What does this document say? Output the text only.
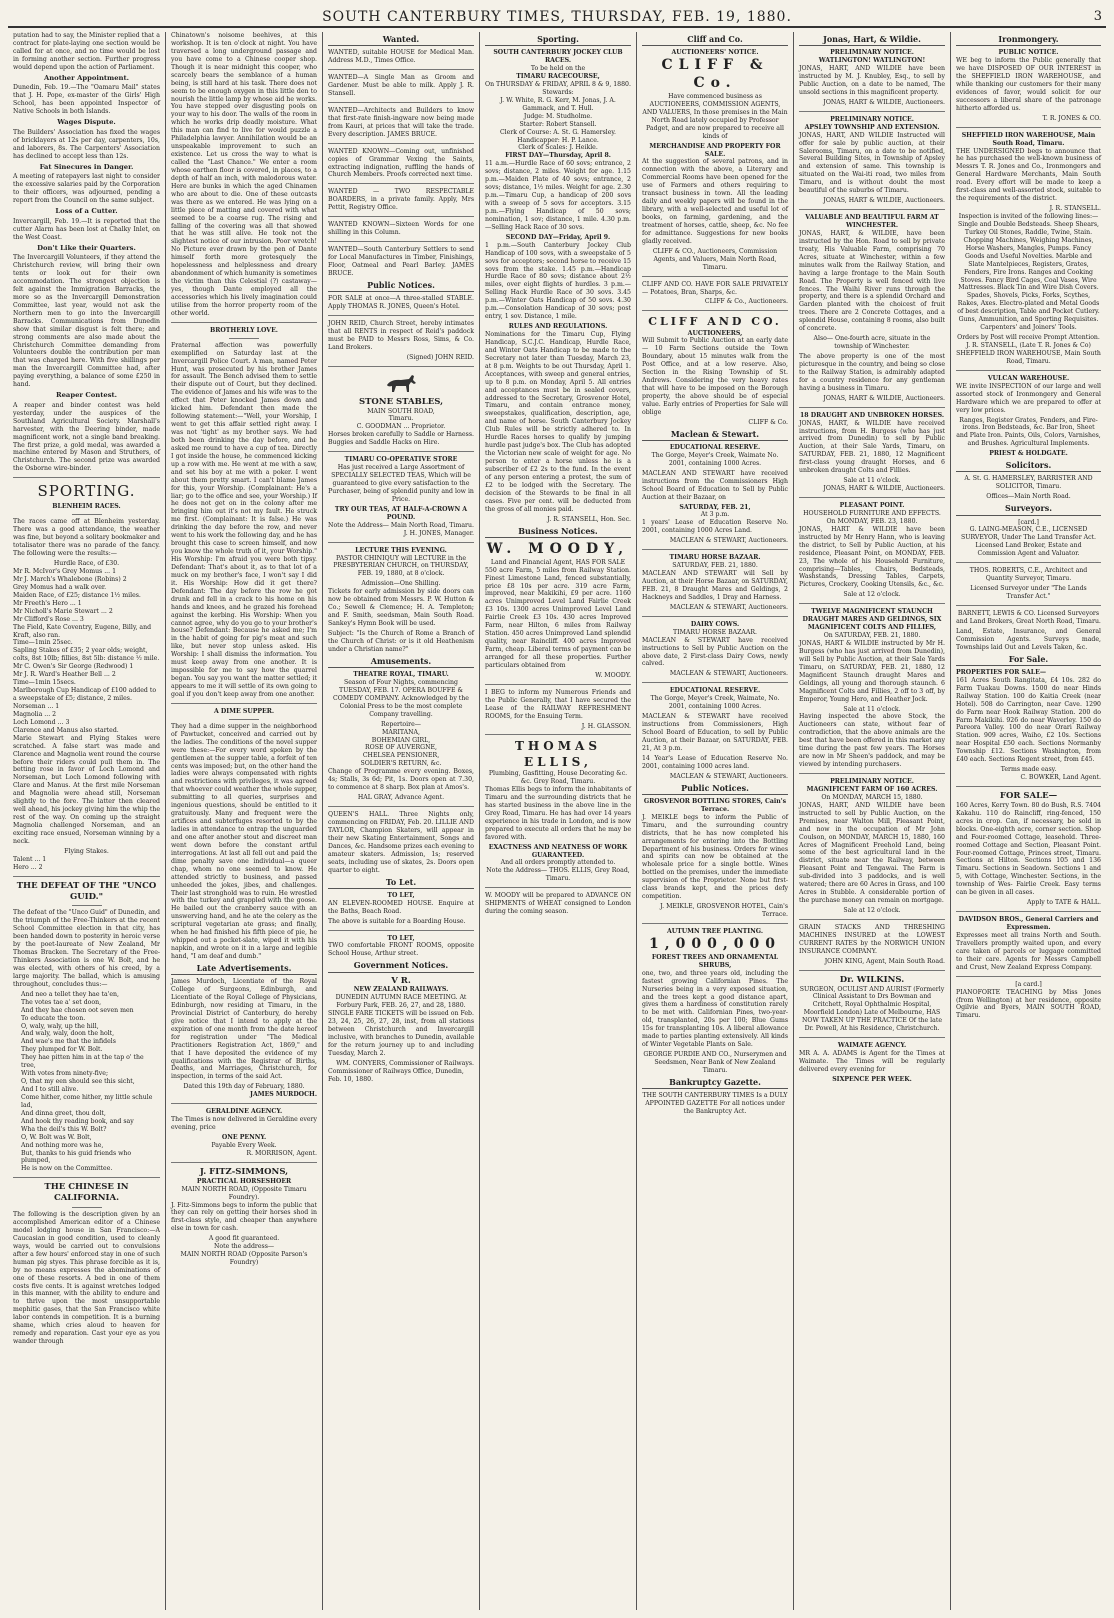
SOUTH CANTERBURY TIMES, THURSDAY, FEB. 19, 1880.	3

putation had to say, the Minister replied that a contract for plate-laying one section would be called for at once, and no time would be lost in forming another section. Further progress would depend upon the action of Parliament.

Another Appointment.

Dunedin, Feb. 19.—The "Oamaru Mail" states that J. H. Pope, ex-master of the Girls' High School, has been appointed Inspector of Native Schools in both Islands.

Wages Dispute.

The Builders' Association has fixed the wages of bricklayers at 12s per day, carpenters, 10s, and laborers, 8s. The Carpenters' Association has declined to accept less than 12s.

Fat Sinecures in Danger.

A meeting of ratepayers last night to consider the excessive salaries paid by the Corporation to their officers, was adjourned, pending a report from the Council on the same subject.

Loss of a Cutter.

Invercargill, Feb. 19.—It is reported that the cutter Alarm has been lost at Chalky Inlet, on the West Coast.

Don't Like their Quarters.

The Invercargill Volunteers, if they attend the Christchurch review, will bring their own tents or look out for their own accommodation. The strongest objection is felt against the Immigration Barracks, the more so as the Invercargill Demonstration Committee, last year, would not ask the Northern men to go into the Invercargill Barracks. Communications from Dunedin show that similar disgust is felt there; and strong comments are also made about the Christchurch Committee demanding from Volunteers double the contribution per man that was charged here. With five shillings per man the Invercargill Committee had, after paying everything, a balance of some £250 in hand.

Reaper Contest.

A reaper and binder contest was held yesterday, under the auspices of the Southland Agricultural Society. Marshall's harvester, with the Deering binder, made magnificent work, not a single band breaking. The first prize, a gold medal, was awarded a machine entered by Mason and Struthers, of Christchurch. The second prize was awarded the Osborne wire-binder.

SPORTING.
BLENHEIM RACES.

The races came off at Blenheim yesterday. There was a good attendance, the weather was fine, but beyond a solitary bookmaker and totalisator there was no parade of the fancy. The following were the results:—

Hurdle Race, of £30.
Mr R. McIvor's Grey Momus ... 1
Mr J. March's Whalebone (Robins) 2
Grey Momus had a walk over.
Maiden Race, of £25; distance 1½ miles.
Mr Freeth's Hero ... 1
Mr Nicholl's Marie Stewart ... 2
Mr Clifford's Rose ... 3
The Field, Kate Coventry, Eugene, Billy, and Kraft, also ran.
Time—1min 25sec.
Sapling Stakes of £35; 2 year olds; weight, colts, 8st 10lb; fillies, 8st 5lb: distance ½ mile.
Mr C. Owen's Sir George (Redwood) 1
Mr J. R. Ward's Heather Bell ... 2
Time—1min 15secs.
Marlborough Cup Handicap of £100 added to a sweepstake of £5; distance, 2 miles.
Norseman ... 1
Magnolia ... 2
Loch Lomond ... 3
Clarence and Manus also started.

Marie Stewart and Flying Stakes were scratched. A false start was made and Clarence and Magnolia went round the course before their riders could pull them in. The betting rose in favor of Loch Lomond and Norseman, but Loch Lomond following with Clare and Manus. At the first mile Norseman and Magnolia were ahead still, Norseman slightly to the fore. The latter then cleared well ahead, his jockey giving him the whip the rest of the way. On coming up the straight Magnolia challenged Norseman, and an exciting race ensued, Norseman winning by a neck.

Flying Stakes.
Talent ... 1
Hero ... 2
THE DEFEAT OF THE "UNCO GUID."

The defeat of the "Unco Guid" of Dunedin, and the triumph of the Free-Thinkers at the recent School Committee election in that city, has been handed down to posterity in heroic verse by the poet-laureate of New Zealand, Mr Thomas Bracken. The Secretary of the Free-Thinkers Association is one W. Bolt, and he was elected, with others of his creed, by a large majority. The ballad, which is amusing throughout, concludes thus:—

And neo a tellet they hae ta'en,
The votes tae a' set doon,
And they hae chosen oot seven men
To educate the toon.
O, waly, waly, up the hill,
And waly, waly, doon the holt,
And wae's me that the infidels
They plumped for W. Bolt.
They hae pitten him in at the tap o' the tree,
With votes from ninety-five;
O, that my een should see this sicht,
And I to still alive.
Come hither, come hither, my little schule lad,
And dinna greet, thou dolt,
And hook thy reading book, and say
Wha the deil's this W. Bolt?
O, W. Bolt was W. Bolt,
And nothing more was he,
But, thanks to his guid friends who plumped,
He is now on the Committee.
THE CHINESE IN CALIFORNIA.

The following is the description given by an accomplished American editor of a Chinese model lodging house in San Francisco:—A Caucasian in good condition, used to cleanly ways, would be carried out to convulsions after a few hours' enforced stay in one of such human pig styes. This phrase forcible as it is, by no means expresses the abominations of one of these resorts. A bed in one of them costs five cents. It is against wretches lodged in this manner, with the ability to endure and to thrive upon the most unsupportable mephitic gases, that the San Francisco white labor contends in competition. It is a burning shame, which cries aloud to heaven for remedy and reparation. Cast your eye as you wander through

Chinatown's noisome beehives, at this workshop. It is ten o'clock at night. You have traversed a long underground passage and you have come to a Chinese cooper shop. Though it is near midnight this cooper, who scarcely bears the semblance of a human being, is still hard at his task. There does not seem to be enough oxygen in this little den to nourish the little lamp by whose aid he works. You have stepped over disgusting pools on your way to his door. The walls of the room in which he works drip deadly moisture. What this man can find to live for would puzzle a Philadelphia lawyer. Annihilation would be an unspeakable improvement to such an existence. Let us cross the way to what is called the "Last Chance." We enter a room whose earthen floor is covered, in places, to a depth of half an inch, with malodorous water. Here are bunks in which the aged Chinamen who are about to die. One of these outcasts was there as we entered. He was lying on a little piece of matting and covered with what seemed to be a coarse rug. The rising and falling of the covering was all that showed that he was still alive. He took not the slightest notice of our intrusion. Poor wretch! No Picture ever drawn by the pen of Dante himself forth more grotesquely the hopelessness and helplessness and dreary abandonment of which humanity is sometimes the victim than this Celestial (?) castaway—yes, though Dante employed all the accessories which his lively imagination could utilise from the horror property room of the other world.

BROTHERLY LOVE.

Fraternal affection was powerfully exemplified on Saturday last at the Invercargill Police Court. A man, named Peter Hunt, was prosecuted by his brother James for assault. The Bench advised them to settle their dispute out of Court, but they declined. The evidence of James and his wife was to the effect that Peter knocked James down and kicked him. Defendant then made the following statement:—"Well, your Worship, I went to get this affair settled right away. I was not 'tight' as my brother says. We had both been drinking the day before, and he asked me round to have a cup of tea. Directly I got inside the house, he commenced kicking up a row with me. He went at me with a saw, and set his boy at me with a poker. I went about them pretty smart. I can't blame James for this, your Worship. (Complainant: He's a liar; go to the office and see, your Worship.) If he does not get on in the colony after me bringing him out it's not my fault. He struck me first. (Complainant: It is false.) He was drinking the day before the row, and never went to his work the following day, and he has brought this case to screen himself, and now you know the whole truth of it, your Worship." His Worship: I'm afraid you were both tipsy. Defendant: That's about it, as to that lot of a muck on my brother's face, I won't say I did it. His Worship: How did it get there? Defendant: The day before the row he got drunk and fell in a crack to his home on his hands and knees, and he grazed his forehead against the kerbing. His Worship: When you cannot agree, why do you go to your brother's house? Defendant: Because he asked me; I'm in the habit of going for pig's meat and such like, but never stop unless asked. His Worship: I shall dismiss the information. You must keep away from one another. It is impossible for me to say how the quarrel began. You say you want the matter settled; it appears to me it will settle of its own going to goal if you don't keep away from one another.

A DIME SUPPER.

They had a dime supper in the neighborhood of Pawtucket, conceived and carried out by the ladies. The conditions of the novel supper were these:—For every word spoken by the gentlemen at the supper table, a forfeit of ten cents was imposed; but, on the other hand the ladies were always compensated with rights and restrictions with privileges, it was agreed that whoever could weather the whole supper, submitting to all queries, surprises and ingenious questions, should be entitled to it gratuitously. Many and frequent were the artifices and subterfuges resorted to by the ladies in attendance to entrap the unguarded and one after another stout and discreet man went down before the constant artful interrogations. At last all fell out and paid the dime penalty save one individual—a queer chap, whom no one seemed to know. He attended strictly to business, and passed unheeded the jokes, jibes, and challenges. Their last stronghold was to ruin. He wrestled with the turkey and grappled with the goose. He bailed out the cranberry sauce with an unswerving hand, and he ate the celery as the scriptural vegetarian ate grass; and finally, when he had finished his fifth piece of pie, he whipped out a pocket-slate, wiped it with his napkin, and wrote on it in a large and legible hand, "I am deaf and dumb."

Late Advertisements.

James Murdoch, Licentiate of the Royal College of Surgeons, Edinburgh, and Licentiate of the Royal College of Physicians, Edinburgh, now residing at Timaru, in the Provincial District of Canterbury, do hereby give notice that I intend to apply at the expiration of one month from the date hereof for registration under "The Medical Practitioners Registration Act, 1869," and that I have deposited the evidence of my qualifications with the Registrar of Births, Deaths, and Marriages, Christchurch, for inspection, in terms of the said Act.

Dated this 19th day of February, 1880.
JAMES MURDOCH.
GERALDINE AGENCY.

The Times is now delivered in Geraldine every evening, price

ONE PENNY.
Payable Every Week.
R. MORRISON, Agent.
J. FITZ-SIMMONS,
PRACTICAL HORSESHOER
MAIN NORTH ROAD, (Opposite Timaru Foundry).

J. Fitz-Simmons begs to inform the public that they can rely on getting their horses shod in first-class style, and cheaper than anywhere else in town for cash.

A good fit guaranteed.
Note the address—
MAIN NORTH ROAD (Opposite Parson's Foundry)
Wanted.

WANTED, suitable HOUSE for Medical Man. Address M.D., Times Office.

WANTED—A Single Man as Groom and Gardener. Must be able to milk. Apply J. R. Stansell.

WANTED—Architects and Builders to know that first-rate finish-ingware now being made from Kauri, at prices that will take the trade. Every description. JAMES BRUCE.

WANTED KNOWN—Coming out, unfinished copies of Grammar Vexing the Saints, extracting indignation, ruffling the hands of Church Members. Proofs corrected next time.

WANTED — TWO RESPECTABLE BOARDERS, in a private family. Apply, Mrs Pettit, Registry Office.

WANTED KNOWN—Sixteen Words for one shilling in this Column.

WANTED—South Canterbury Settlers to send for Local Manufactures in Timber, Finishings, Floor, Oatmeal and Pearl Barley. JAMES BRUCE.

Public Notices.

FOR SALE at once—A three-stalled STABLE. Apply THOMAS R. JONES, Queen's Hotel.

JOHN REID, Church Street, hereby intimates that all RENTS in respect of Reid's paddock must be PAID to Messrs Ross, Sims, & Co. Land Brokers.

(Signed) JOHN REID.
STONE STABLES,
MAIN SOUTH ROAD,
Timaru.
C. GOODMAN ... Proprietor.

Horses broken carefully to Saddle or Harness. Buggies and Saddle Hacks on Hire.

TIMARU CO-OPERATIVE STORE

Has just received a Large Assortment of SPECIALLY SELECTED TEAS, Which will be guaranteed to give every satisfaction to the Purchaser, being of splendid punity and low in Price.

TRY OUR TEAS, AT HALF-A-CROWN A POUND.
Note the Address— Main North Road, Timaru.
J. H. JONES, Manager.
LECTURE THIS EVENING.

PASTOR CHINIQUY will LECTURE in the PRESBYTERIAN CHURCH, on THURSDAY, FEB. 19, 1880, at 8 o'clock.

Admission—One Shilling.

Tickets for early admission by side doors can now be obtained from Messrs. P. W. Hutton & Co.; Sewell & Clemence; H. A. Templeton; and F. Smith, seedsman, Main South Road. Sankey's Hymn Book will be used.

Subject: "Is the Church of Rome a Branch of the Church of Christ: or is it old Heathenism under a Christian name?"

Amusements.
THEATRE ROYAL, TIMARU.

Season of Four Nights, commencing TUESDAY, FEB. 17. OPERA BOUFFE & COMEDY COMPANY. Acknowledged by the Colonial Press to be the most complete Company travelling.

Repertoire—
MARITANA,
BOHEMIAN GIRL,
ROSE OF AUVERGNE,
CHELSEA PENSIONER,
SOLDIER'S RETURN, &c.

Change of Programme every evening. Boxes, 4s; Stalls, 3s 6d; Pit, 1s. Doors open at 7.30, to commence at 8 sharp. Box plan at Amos's.

HAL GRAY, Advance Agent.

QUEEN'S HALL. Three Nights only, commencing on FRIDAY, Feb. 20. LILLIE AND TAYLOR, Champion Skaters, will appear in their new Skating Entertainment, Songs and Dances, &c. Handsome prizes each evening to amateur skaters. Admission, 1s; reserved seats, including use of skates, 2s. Doors open quarter to eight.

To Let.
TO LET,

AN ELEVEN-ROOMED HOUSE. Enquire at the Baths, Beach Road.

The above is suitable for a Boarding House.

TO LET,

TWO comfortable FRONT ROOMS, opposite School House, Arthur street.

Government Notices.
V R.
NEW ZEALAND RAILWAYS.
DUNEDIN AUTUMN RACE MEETING. At Forbury Park, FEB. 26, 27, and 28, 1880.

SINGLE FARE TICKETS will be issued on Feb. 23, 24, 25, 26, 27, 28, inst, from all stations between Christchurch and Invercargill inclusive, with branches to Dunedin, available for the return journey up to and including Tuesday, March 2.

WM. CONYERS, Commissioner of Railways.
Commissioner of Railways Office, Dunedin, Feb. 10, 1880.
Sporting.
SOUTH CANTERBURY JOCKEY CLUB RACES.
To be held on the
TIMARU RACECOURSE,
On THURSDAY & FRIDAY, APRIL 8 & 9, 1880.
Stewards:
J. W. White, R. G. Kerr, M. Jonas, J. A. Gammack, and T. Hull.
Judge: M. Studholme.
Starter: Robert Stansell.
Clerk of Course: A. St. G. Hamersley.
Handicapper: H. P. Lance.
Clerk of Scales: J. Heikle.
FIRST DAY—Thursday, April 8.

11 a.m.—Hurdle Race of 60 sovs; entrance, 2 sovs; distance, 2 miles. Weight for age. 1.15 p.m.—Maiden Plate of 40 sovs; entrance, 2 sovs; distance, 1½ miles. Weight for age. 2.30 p.m.—Timaru Cup, a handicap of 200 sovs with a sweep of 5 sovs for acceptors. 3.15 p.m.—Flying Handicap of 50 sovs; nomination, 1 sov; distance, 1 mile. 4.30 p.m.—Selling Hack Race of 30 sovs.

SECOND DAY—Friday, April 9.

1 p.m.—South Canterbury Jockey Club Handicap of 100 sovs, with a sweepstake of 5 sovs for acceptors; second horse to receive 15 sovs from the stake. 1.45 p.m.—Handicap Hurdle Race of 80 sovs; distance about 2½ miles, over eight flights of hurdles. 3 p.m.—Selling Hack Hurdle Race of 30 sovs. 3.45 p.m.—Winter Oats Handicap of 50 sovs. 4.30 p.m.—Consolation Handicap of 30 sovs; post entry, 1 sov. Distance, 1 mile.

RULES AND REGULATIONS.

Nominations for the Timaru Cup, Flying Handicap, S.C.J.C. Handicap, Hurdle Race, and Winter Oats Handicap to be made to the Secretary not later than Tuesday, March 23, at 8 p.m. Weights to be out Thursday, April 1. Acceptances, with sweep and general entries, up to 8 p.m. on Monday, April 5. All entries and acceptances must be in sealed covers, addressed to the Secretary, Grosvenor Hotel, Timaru, and contain entrance money, sweepstakes, qualification, description, age, and name of horse. South Canterbury Jockey Club Rules will be strictly adhered to. In Hurdle Races horses to qualify by jumping hurdle past judge's box. The Club has adopted the Victorian new scale of weight for age. No person to enter a horse unless he is a subscriber of £2 2s to the fund. In the event of any person entering a protest, the sum of £2 to be lodged with the Secretary. The decision of the Stewards to be final in all cases. Five per cent. will be deducted from the gross of all monies paid.

J. R. STANSELL, Hon. Sec.
Business Notices.
W. MOODY,
Land and Financial Agent, HAS FOR SALE

550 acre Farm, 5 miles from Railway Station. Finest Limestone Land, fenced substantially, price £8 10s per acre. 319 acre Farm, improved, near Makikihi, £9 per acre. 1160 acres Unimproved Level Land Fairlie Creek £3 10s. 1300 acres Unimproved Level Land Fairlie Creek £3 10s. 430 acres Improved Farm, near Hilton, 6 miles from Railway Station. 450 acres Unimproved Land splendid quality, near Raincliff. 400 acres Improved Farm, cheap. Liberal terms of payment can be arranged for all these properties. Further particulars obtained from

W. MOODY.

I BEG to inform my Numerous Friends and the Public Generally, that I have secured the Lease of the RAILWAY REFRESHMENT ROOMS, for the Ensuing Term.

J. H. GLASSON.
THOMAS ELLIS,
Plumbing, Gasfitting, House Decorating &c. &c. Grey Road, Timaru.

Thomas Ellis begs to inform the inhabitants of Timaru and the surrounding districts that he has started business in the above line in the Grey Road, Timaru. He has had over 14 years experience in his trade in London, and is now prepared to execute all orders that he may be favored with.

EXACTNESS AND NEATNESS OF WORK GUARANTEED.
And all orders promptly attended to.
Note the Address— THOS. ELLIS, Grey Road, Timaru.

W. MOODY will be prepared to ADVANCE ON SHIPMENTS of WHEAT consigned to London during the coming season.

Cliff and Co.
AUCTIONEERS' NOTICE.
CLIFF & Co.

Have commenced business as AUCTIONEERS, COMMISSION AGENTS, AND VALUERS, In those premises in the Main North Road lately occupied by Professor Padget, and are now prepared to receive all kinds of

MERCHANDISE AND PROPERTY FOR SALE.

At the suggestion of several patrons, and in connection with the above, a Literary and Commercial Rooms have been opened for the use of Farmers and others requiring to transact business in town. All the leading daily and weekly papers will be found in the library, with a well-selected and useful lot of books, on farming, gardening, and the treatment of horses, cattle, sheep, &c. No fee for admittance. Suggestions for new books gladly received.

CLIFF & CO., Auctioneers, Commission Agents, and Valuers, Main North Road, Timaru.

CLIFF AND CO. HAVE FOR SALE PRIVATELY— Potatoes, Bran, Sharps, &c.

CLIFF & Co., Auctioneers.
CLIFF AND CO.
AUCTIONEERS,

Will Submit to Public Auction at an early date— 10 Farm Sections outside the Town Boundary, about 15 minutes walk from the Post Office, and at a low reserve. Also, Section in the Rising Township of St. Andrews. Considering the very heavy rates that will have to be imposed on the Borough property, the above should be of especial value. Early entries of Properties for Sale will oblige

CLIFF & Co.
Maclean & Stewart.
EDUCATIONAL RESERVE.

The Gorge, Meyer's Creek, Waimate No. 2001, containing 1000 Acres.

MACLEAN AND STEWART have received instructions from the Commissioners High School Board of Education to Sell by Public Auction at their Bazaar, on

SATURDAY, FEB. 21,
At 3 p.m.

1 years' Lease of Education Reserve No. 2001, containing 1000 Acres Land.

MACLEAN & STEWART, Auctioneers.
TIMARU HORSE BAZAAR.
SATURDAY, FEB. 21, 1880.

MACLEAN AND STEWART will Sell by Auction, at their Horse Bazaar, on SATURDAY, FEB. 21, 8 Draught Mares and Geldings, 2 Hackneys and Saddles, 1 Dray and Harness.

MACLEAN & STEWART, Auctioneers.
DAIRY COWS.
TIMARU HORSE BAZAAR.

MACLEAN & STEWART have received instructions to Sell by Public Auction on the above date, 2 First-class Dairy Cows, newly calved.

MACLEAN & STEWART, Auctioneers.
EDUCATIONAL RESERVE.

The Gorge, Meyer's Creek, Waimate, No. 2001, containing 1000 Acres.

MACLEAN & STEWART have received instructions from Commissioners, High School Board of Education, to sell by Public Auction, at their Bazaar, on SATURDAY, FEB. 21, At 3 p.m.

14 Year's Lease of Education Reserve No. 2001, containing 1000 acres land.

MACLEAN & STEWART, Auctioneers.
Public Notices.
GROSVENOR BOTTLING STORES, Cain's Terrace.

J. MEIKLE begs to inform the Public of Timaru, and the surrounding country districts, that he has now completed his arrangements for entering into the Bottling Department of his business. Orders for wines and spirits can now be obtained at the wholesale price for a single bottle. Wines bottled on the premises, under the immediate supervision of the Proprietor. None but first-class brands kept, and the prices defy competition.

J. MEIKLE, GROSVENOR HOTEL, Cain's Terrace.
AUTUMN TREE PLANTING.
1,000,000
FOREST TREES AND ORNAMENTAL SHRUBS,

one, two, and three years old, including the fastest growing Californian Pines. The Nurseries being in a very exposed situation, and the trees kept a good distance apart, gives them a hardiness of constitution rarely to be met with. Californian Pines, two-year-old, transplanted, 20s per 100; Blue Gums 15s for transplanting 10s. A liberal allowance made to parties planting extensively. All kinds of Winter Vegetable Plants on Sale.

GEORGE PURDIE AND CO., Nurserymen and Seedsmen, Near Bank of New Zealand Timaru.
Bankruptcy Gazette.

THE SOUTH CANTERBURY TIMES Is a DULY APPOINTED GAZETTE For all notices under the Bankruptcy Act.

Jonas, Hart, & Wildie.
PRELIMINARY NOTICE.
WATLINGTON! WATLINGTON!

JONAS, HART, AND WILDIE have been instructed by M. J. Knubley, Esq., to sell by Public Auction, on a date to be named, The unsold sections in this magnificent property.

JONAS, HART & WILDIE, Auctioneers.
PRELIMINARY NOTICE.
APSLEY TOWNSHIP AND EXTENSION.

JONAS, HART, AND WILDIE Instructed will offer for sale by public auction, at their Salerooms, Timaru, on a date to be notified, Several Building Sites, in Township of Apsley and extension of same. This township is situated on the Wai-iti road, two miles from Timaru, and is without doubt the most beautiful of the suburbs of Timaru.

JONAS, HART & WILDIE, Auctioneers.
VALUABLE AND BEAUTIFUL FARM AT WINCHESTER.

JONAS, HART, & WILDIE, have been instructed by the Hon. Road to sell by private treaty, His Valuable Farm, comprising 70 Acres, situate at Winchester, within a few minutes walk from the Railway Station, and having a large frontage to the Main South Road. The Property is well fenced with live fences. The Waihi River runs through the property, and there is a splendid Orchard and Garden planted with the choicest of fruit trees. There are 2 Concrete Cottages, and a splendid House, containing 8 rooms, also built of concrete.

Also— One-fourth acre, situate in the township of Winchester.

The above property is one of the most picturesque in the country, and being so close to the Railway Station, is admirably adapted for a country residence for any gentleman having a business in Timaru.

JONAS, HART & WILDIE, Auctioneers.
18 DRAUGHT AND UNBROKEN HORSES.

JONAS, HART, & WILDIE have received instructions, from H. Burgess (who has just arrived from Dunedin) to sell by Public Auction, at their Sale Yards, Timaru, on SATURDAY, FEB. 21, 1880, 12 Magnificent first-class young draught Horses, and 6 unbroken draught Colts and Fillies.

Sale at 11 o'clock.
JONAS, HART & WILDIE, Auctioneers.
PLEASANT POINT.
HOUSEHOLD FURNITURE AND EFFECTS. On MONDAY, FEB. 23, 1880.

JONAS, HART & WILDIE have been instructed by Mr Henry Hann, who is leaving the district, to Sell by Public Auction, at his residence, Pleasant Point, on MONDAY, FEB. 23, The whole of his Household Furniture, comprising—Tables, Chairs, Bedsteads, Washstands, Dressing Tables, Carpets, Pictures, Crockery, Cooking Utensils, &c., &c.

Sale at 12 o'clock.
TWELVE MAGNIFICENT STAUNCH DRAUGHT MARES AND GELDINGS, SIX MAGNIFICENT COLTS AND FILLIES,
On SATURDAY, FEB. 21, 1880.

JONAS, HART & WILDIE instructed by Mr H. Burgess (who has just arrived from Dunedin), will Sell by Public Auction, at their Sale Yards Timaru, on SATURDAY, FEB. 21, 1880, 12 Magnificent Staunch draught Mares and Geldings, all young and thorough staunch. 6 Magnificent Colts and Fillies, 2 off to 3 off, by Emperor, Young Hero, and Heather Jock.

Sale at 11 o'clock.

Having inspected the above Stock, the Auctioneers can state, without fear of contradiction, that the above animals are the best that have been offered in this market any time during the past few years. The Horses are now in Mr Sheen's paddock, and may be viewed by intending purchasers.

PRELIMINARY NOTICE.
MAGNIFICENT FARM OF 160 ACRES.
On MONDAY, MARCH 15, 1880.

JONAS, HART, AND WILDIE have been instructed to sell by Public Auction, on the Premises, near Walton Mill, Pleasant Point, and now in the occupation of Mr John Coulson, on MONDAY, MARCH 15, 1880, 160 Acres of Magnificent Freehold Land, being some of the best agricultural land in the district, situate near the Railway, between Pleasant Point and Tengawai. The Farm is sub-divided into 3 paddocks, and is well watered; there are 60 Acres in Grass, and 100 Acres in Stubble. A considerable portion of the purchase money can remain on mortgage.

Sale at 12 o'clock.

GRAIN STACKS AND THRESHING MACHINES INSURED at the LOWEST CURRENT RATES by the NORWICH UNION INSURANCE COMPANY.

JOHN KING, Agent, Main South Road.
Dr. WILKINS.

SURGEON, OCULIST AND AURIST (Formerly Clinical Assistant to Drs Bowman and Critchett, Royal Ophthalmic Hospital, Moorfield London) Late of Melbourne, HAS NOW TAKEN UP THE PRACTICE Of the late Dr. Powell, At his Residence, Christchurch.

WAIMATE AGENCY.

MR A. A. ADAMS is Agent for the Times at Waimate. The Times will be regularly delivered every evening for

SIXPENCE PER WEEK.
Ironmongery.
PUBLIC NOTICE.

WE beg to inform the Public generally that we have DISPOSED OF OUR INTEREST in the SHEFFIELD IRON WAREHOUSE, and while thanking our customers for their many evidences of favor, would solicit for our successors a liberal share of the patronage hitherto afforded us.

T. R. JONES & CO.
SHEFFIELD IRON WAREHOUSE, Main South Road, Timaru.

THE UNDERSIGNED begs to announce that he has purchased the well-known business of Messrs T. R. Jones and Co., Ironmongers and General Hardware Merchants, Main South road. Every effort will be made to keep a first-class and well-assorted stock, suitable to the requirements of the district.

J. R. STANSELL.
Inspection is invited of the following lines:—

Single and Double Bedsteads. Sheep Shears, Turkey Oil Stones, Raddle, Twine, Stain. Chopping Machines, Weighing Machines, Horse Washers, Mangles, Pumps. Fancy Goods and Useful Novelties. Marble and Slate Mantelpieces, Registers, Grates, Fenders, Fire Irons. Ranges and Cooking Stoves. Fancy Bird Cages, Coal Vases, Wire Mattresses. Black Tin and Wire Dish Covers. Spades, Shovels, Picks, Forks, Scythes, Rakes, Axes. Electro-plated and Metal Goods of best description, Table and Pocket Cutlery. Guns, Ammunition, and Sporting Requisites. Carpenters' and Joiners' Tools.

Orders by Post will receive Prompt Attention.
J. R. STANSELL, (Late T. R. Jones & Co) SHEFFIELD IRON WAREHOUSE, Main South Road, Timaru.
VULCAN WAREHOUSE.

WE invite INSPECTION of our large and well assorted stock of Ironmongery and General Hardware which we are prepared to offer at very low prices.

Ranges, Register Grates, Fenders, and Fire-irons. Iron Bedsteads, &c. Bar Iron, Sheet and Plate Iron. Paints, Oils, Colors, Varnishes, and Brushes. Agricultural Implements.

PRIEST & HOLDGATE.
Solicitors.

A. St. G. HAMERSLEY, BARRISTER AND SOLICITOR, Timaru.

Offices—Main North Road.
Surveyors.
[card.]

G. LAING-MEASON, C.E., LICENSED SURVEYOR, Under The Land Transfer Act. Licensed Land Broker, Estate and Commission Agent and Valuator.

THOS. ROBERTS, C.E., Architect and Quantity Surveyor, Timaru.

Licensed Surveyor under "The Lands Transfer Act."

BARNETT, LEWIS & CO. Licensed Surveyors and Land Brokers, Great North Road, Timaru.

Land, Estate, Insurance, and General Commission Agents. Surveys made, Townships laid Out and Levels Taken, &c.

For Sale.
PROPERTIES FOR SALE—

161 Acres South Rangitata, £4 10s. 282 do Farm Tuakau Downs. 1500 do near Hinds Railway Station. 100 do Kaitia Creek (near Hotel). 508 do Carrington, near Cave. 1290 do Farm near Hook Railway Station. 200 do Farm Makikihi. 926 do near Waverley. 150 do Pareora Valley. 100 do near Orari Railway Station. 909 acres, Waiho, £2 10s. Sections near Hospital £50 each. Sections Normanby Township £12. Sections Washington, from £40 each. Sections Regent street, from £45.

Terms made easy.
C. BOWKER, Land Agent.
FOR SALE—

160 Acres, Kerry Town. 80 do Bush, R.S. 7404 Kakahu. 110 do Raincliff, ring-fenced, 150 acres in crop. Can, if necessary, be sold in blocks. One-eighth acre, corner section. Shop and Four-roomed Cottage, leasehold. Three-roomed Cottage and Section, Pleasant Point. Four-roomed Cottage, Princes street, Timaru. Sections at Hilton. Sections 105 and 136 Timaru. Sections in Seadown. Sections 1 and 5, with Cottage, Winchester. Sections, in the township of Wes- Fairlie Creek. Easy terms can be given in all cases.

Apply to TATE & HALL.
DAVIDSON BROS., General Carriers and Expressmen.

Expresses meet all trains North and South. Travellers promptly waited upon, and every care taken of parcels or luggage committed to their care. Agents for Messrs Campbell and Crust, New Zealand Express Company.

[a card.]

PIANOFORTE TEACHING by Miss Jones (from Wellington) at her residence, opposite Ogilvie and Byers, MAIN SOUTH ROAD, Timaru.
